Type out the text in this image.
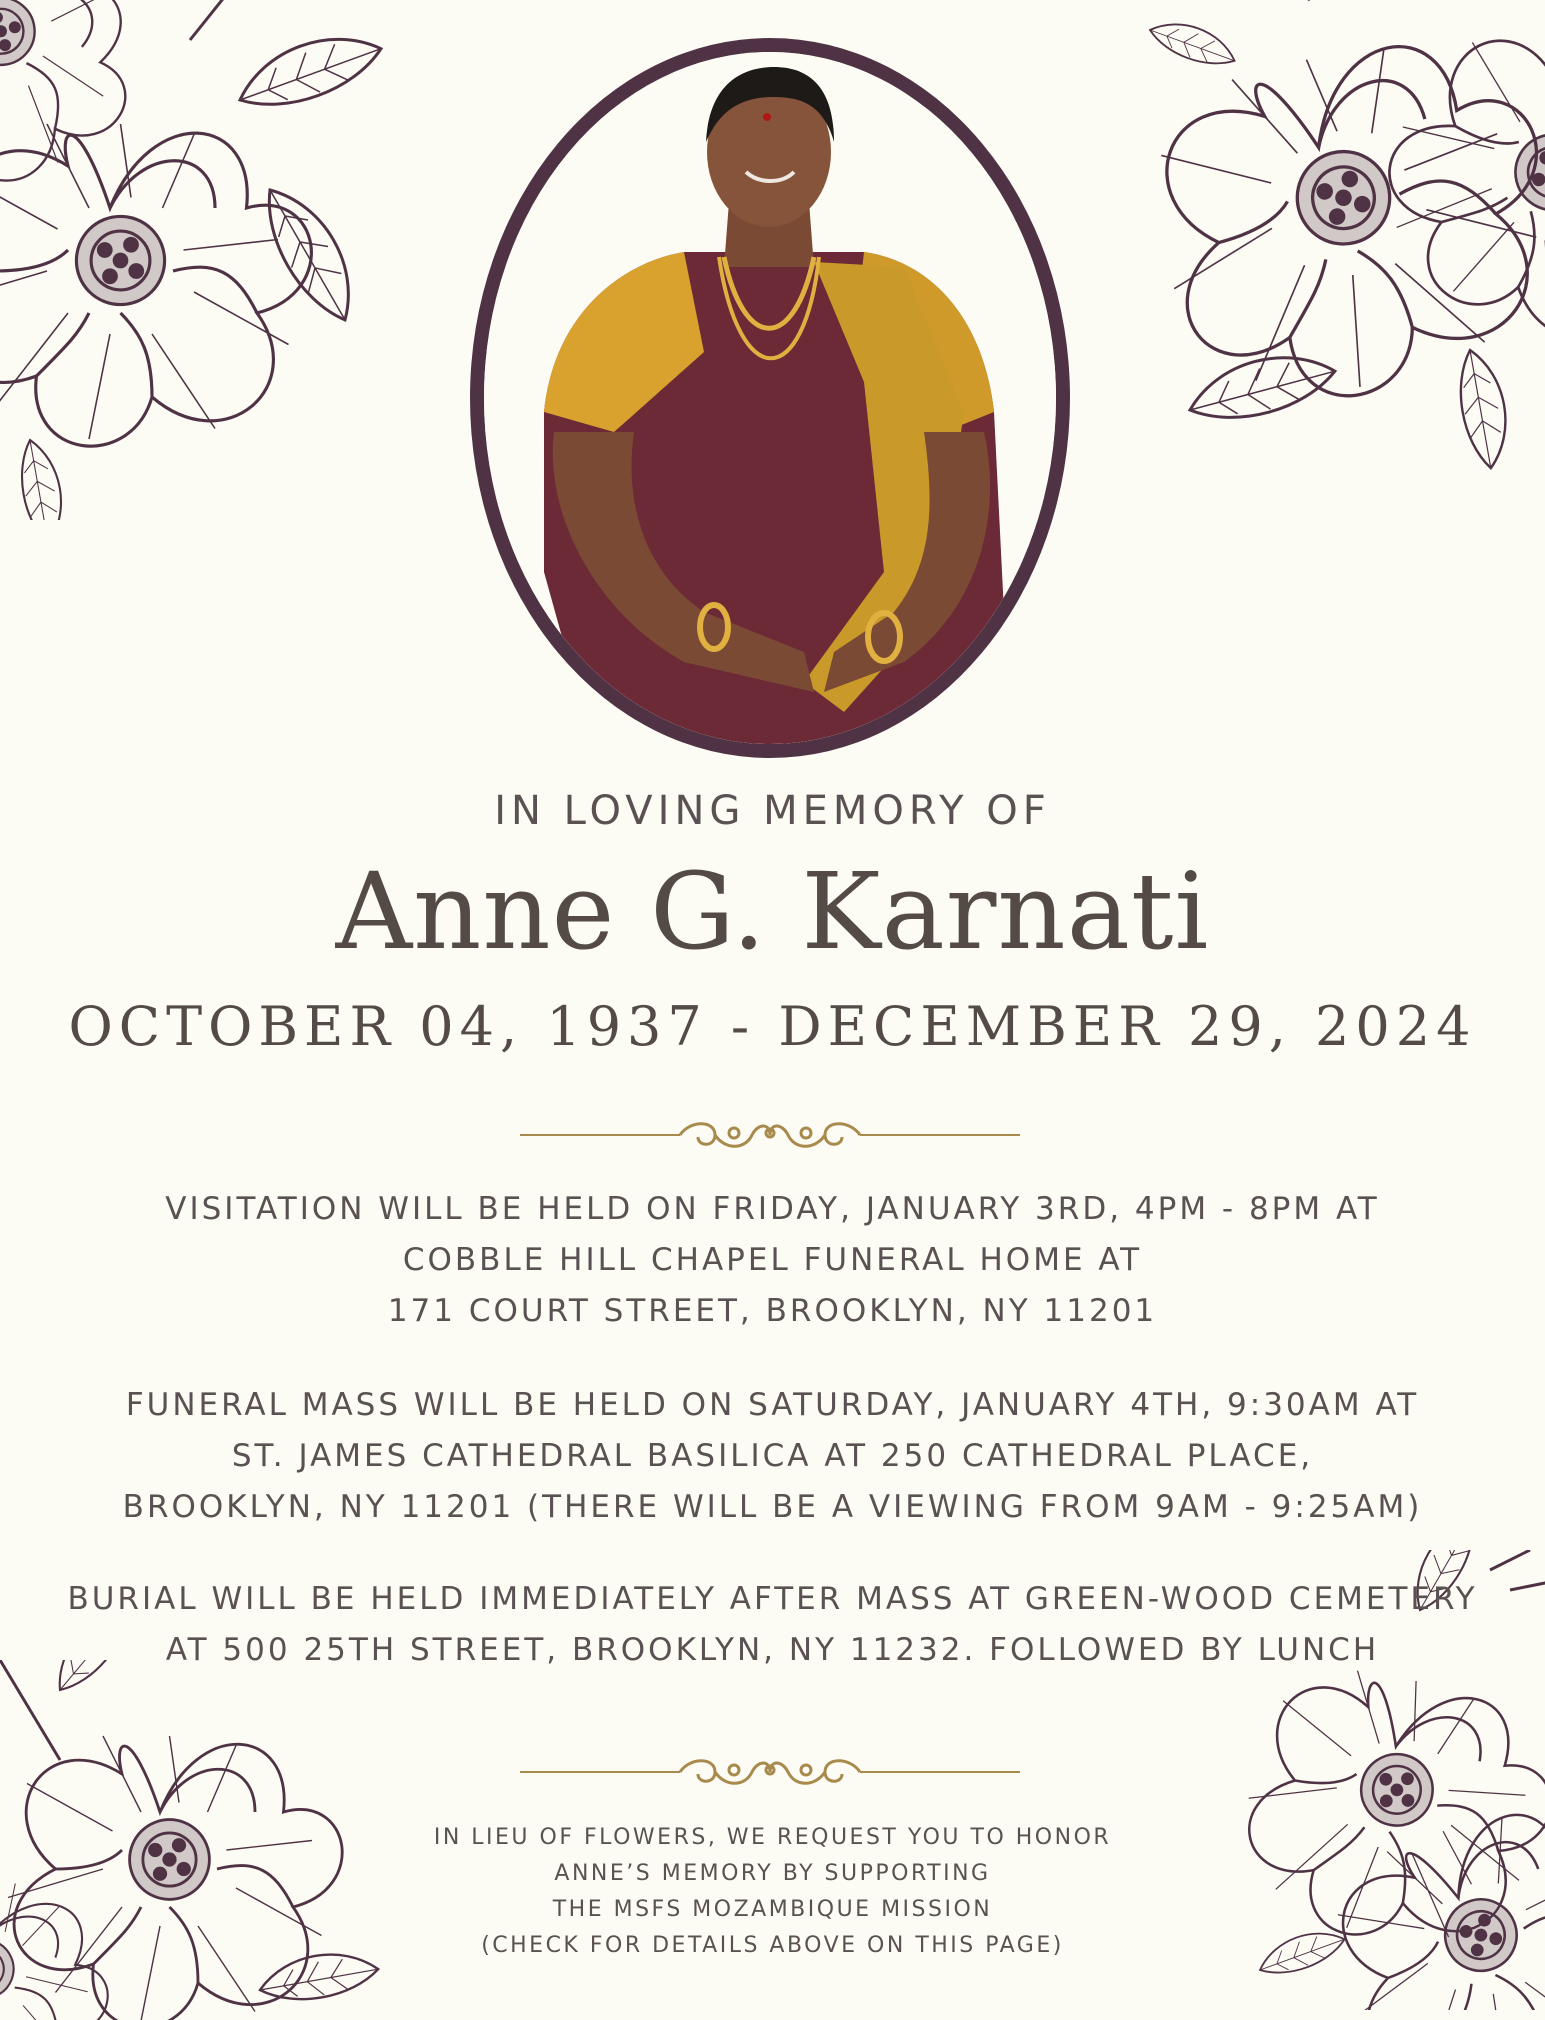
IN LOVING MEMORY OF
Anne G. Karnati
OCTOBER 04, 1937 - DECEMBER 29, 2024
VISITATION WILL BE HELD ON FRIDAY, JANUARY 3RD, 4PM - 8PM AT
COBBLE HILL CHAPEL FUNERAL HOME AT
171 COURT STREET, BROOKLYN, NY 11201
FUNERAL MASS WILL BE HELD ON SATURDAY, JANUARY 4TH, 9:30AM AT
ST. JAMES CATHEDRAL BASILICA AT 250 CATHEDRAL PLACE,
BROOKLYN, NY 11201 (THERE WILL BE A VIEWING FROM 9AM - 9:25AM)
BURIAL WILL BE HELD IMMEDIATELY AFTER MASS AT GREEN-WOOD CEMETERY
AT 500 25TH STREET, BROOKLYN, NY 11232. FOLLOWED BY LUNCH
IN LIEU OF FLOWERS, WE REQUEST YOU TO HONOR
ANNE’S MEMORY BY SUPPORTING
THE MSFS MOZAMBIQUE MISSION
(CHECK FOR DETAILS ABOVE ON THIS PAGE)
